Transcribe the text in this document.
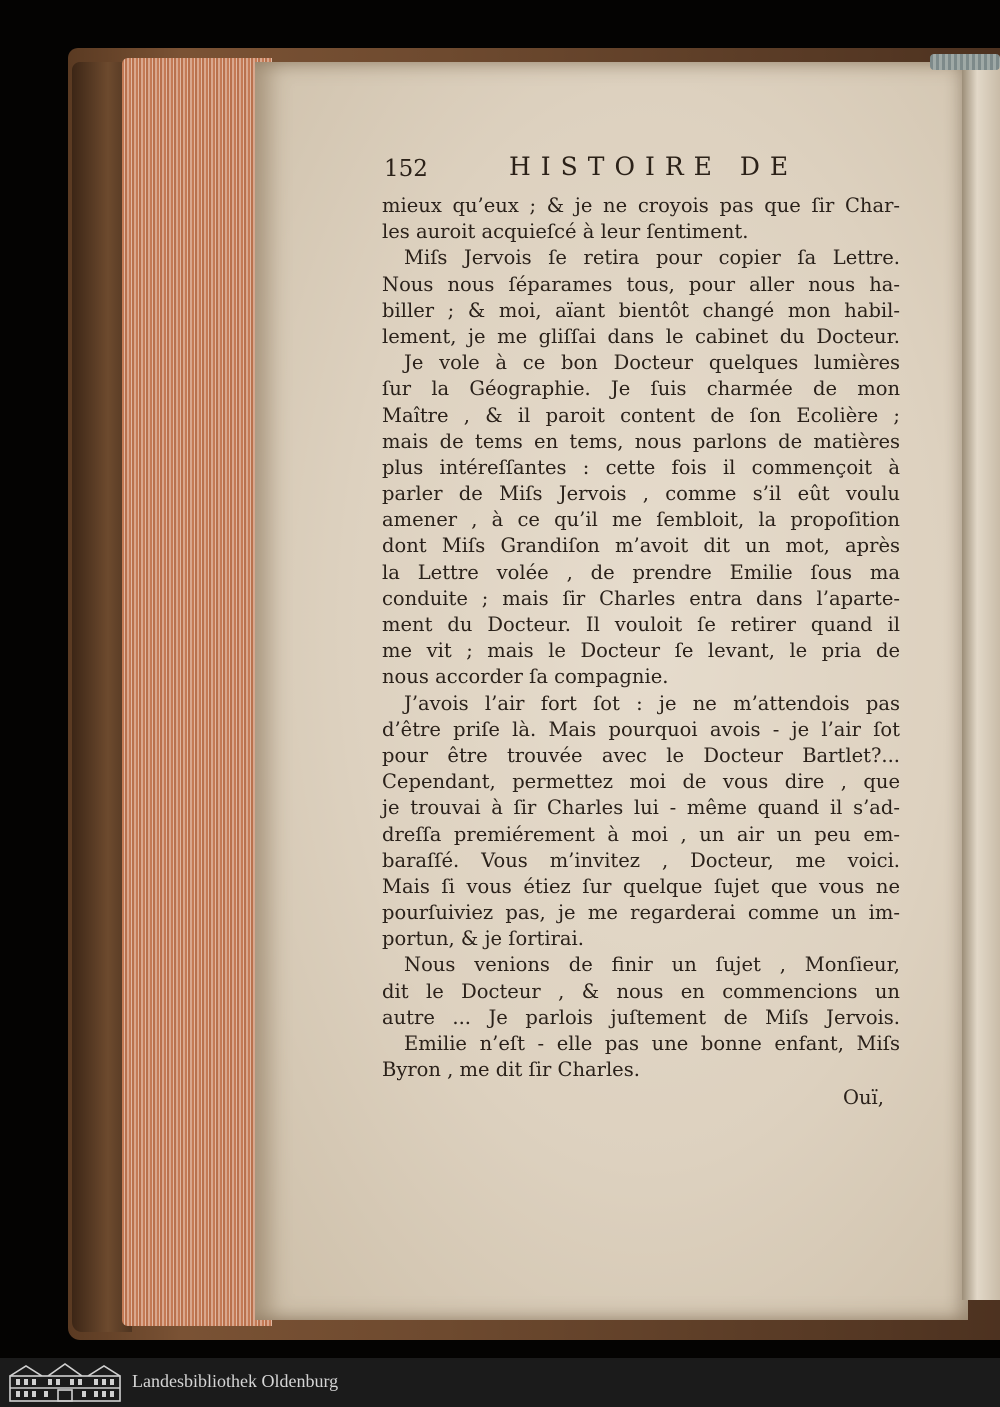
152	HISTOIRE DE
mieux qu’eux ; & je ne croyois pas que ſir Char-
les auroit acquieſcé à leur ſentiment.
Miſs Jervois ſe retira pour copier ſa Lettre.
Nous nous ſéparames tous, pour aller nous ha-
biller ; & moi, aïant bientôt changé mon habil-
lement, je me gliſſai dans le cabinet du Docteur.
Je vole à ce bon Docteur quelques lumières
ſur la Géographie. Je ſuis charmée de mon
Maître , & il paroit content de ſon Ecolière ;
mais de tems en tems, nous parlons de matières
plus intéreſſantes : cette fois il commençoit à
parler de Miſs Jervois , comme s’il eût voulu
amener , à ce qu’il me ſembloit, la propoſition
dont Miſs Grandiſon m’avoit dit un mot, après
la Lettre volée , de prendre Emilie ſous ma
conduite ; mais ſir Charles entra dans l’aparte-
ment du Docteur. Il vouloit ſe retirer quand il
me vit ; mais le Docteur ſe levant, le pria de
nous accorder ſa compagnie.
J’avois l’air fort ſot : je ne m’attendois pas
d’être priſe là. Mais pourquoi avois - je l’air ſot
pour être trouvée avec le Docteur Bartlet?...
Cependant, permettez moi de vous dire , que
je trouvai à ſir Charles lui - même quand il s’ad-
dreſſa premiérement à moi , un air un peu em-
baraſſé. Vous m’invitez , Docteur, me voici.
Mais ſi vous étiez ſur quelque ſujet que vous ne
pourſuiviez pas, je me regarderai comme un im-
portun, & je ſortirai.
Nous venions de finir un ſujet , Monſieur,
dit le Docteur , & nous en commencions un
autre ... Je parlois juſtement de Miſs Jervois.
Emilie n’eſt - elle pas une bonne enfant, Miſs
Byron , me dit ſir Charles.
Ouï,
Landesbibliothek Oldenburg
